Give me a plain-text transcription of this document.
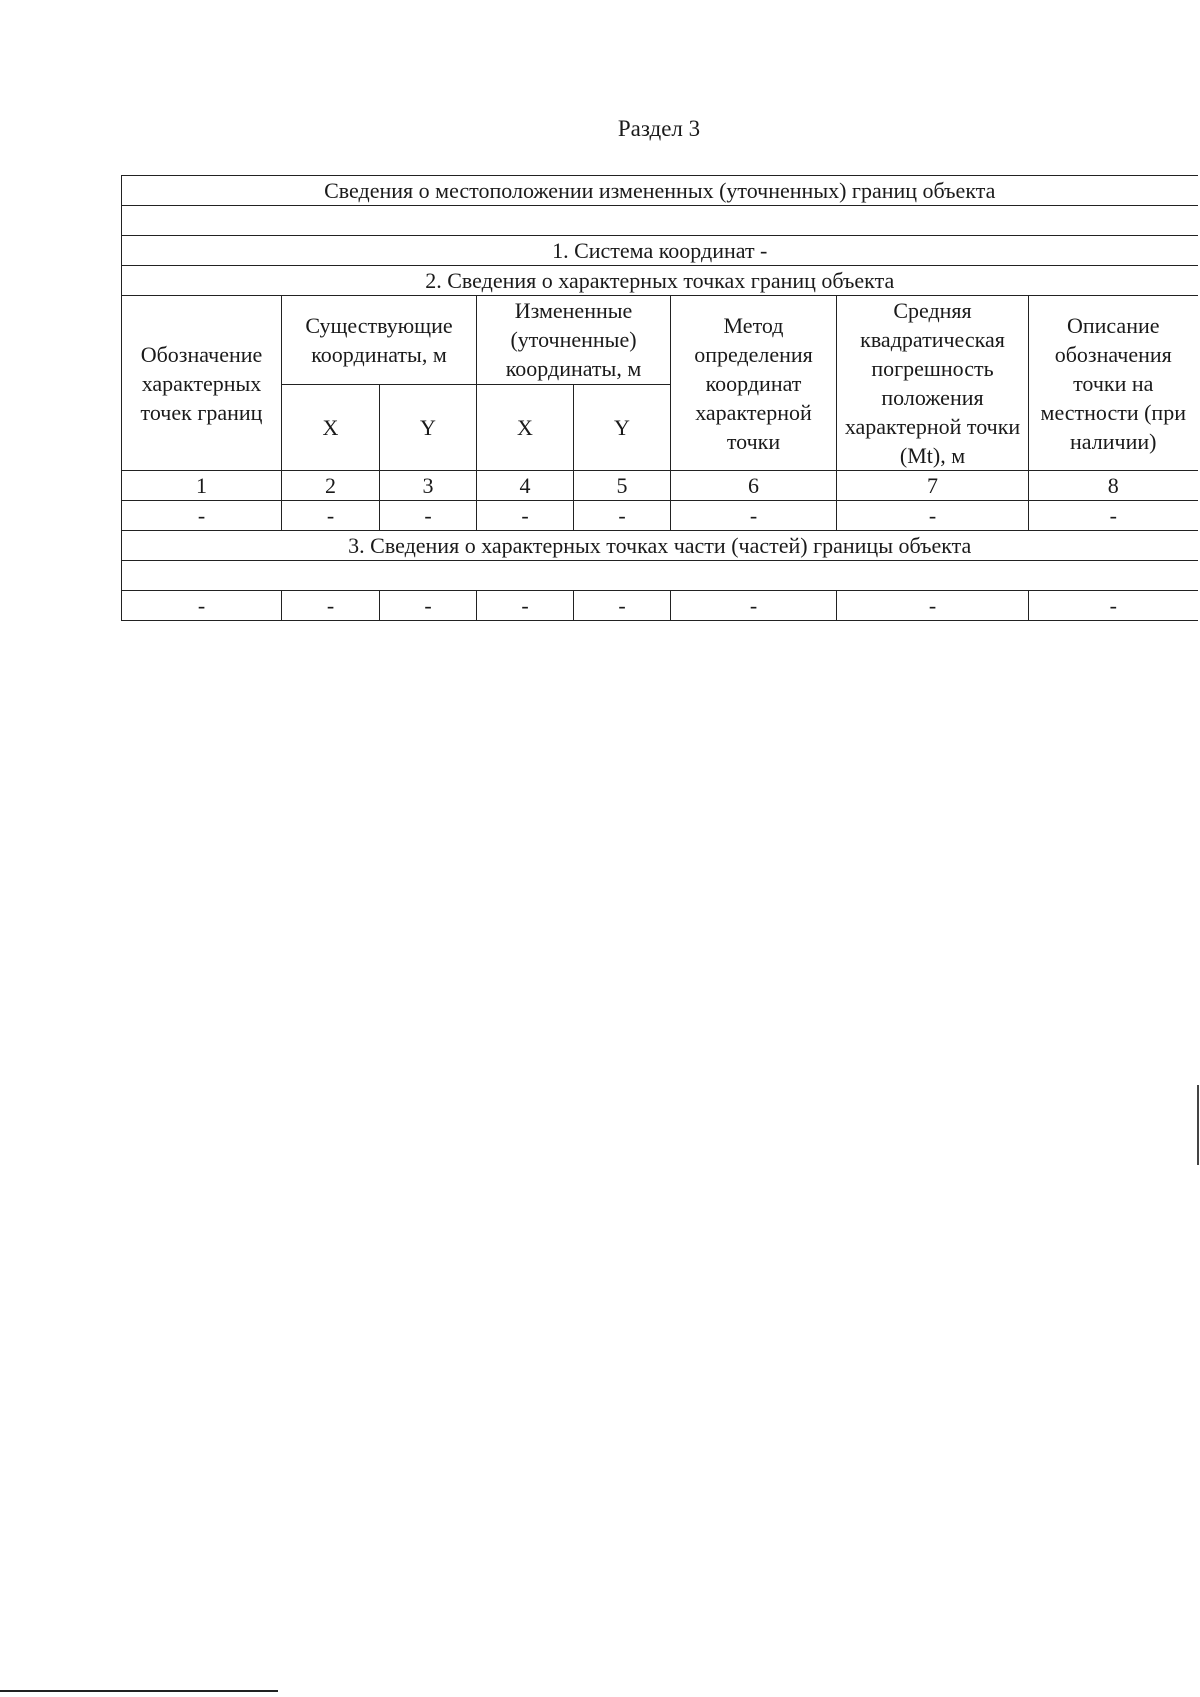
Раздел 3
Сведения о местоположении измененных (уточненных) границ объекта							

1. Система координат -							
2. Сведения о характерных точках границ объекта							
Обозначение характерных точек границ	Существующие координаты, м		Измененные (уточненные) координаты, м		Метод определения координат характерной точки	Средняя квадратическая погрешность положения характерной точки (Mt), м	Описание обозначения точки на местности (при наличии)
	X	Y	X	Y			
1	2	3	4	5	6	7	8
-	-	-	-	-	-	-	-
3. Сведения о характерных точках части (частей) границы объекта							

-	-	-	-	-	-	-	-
